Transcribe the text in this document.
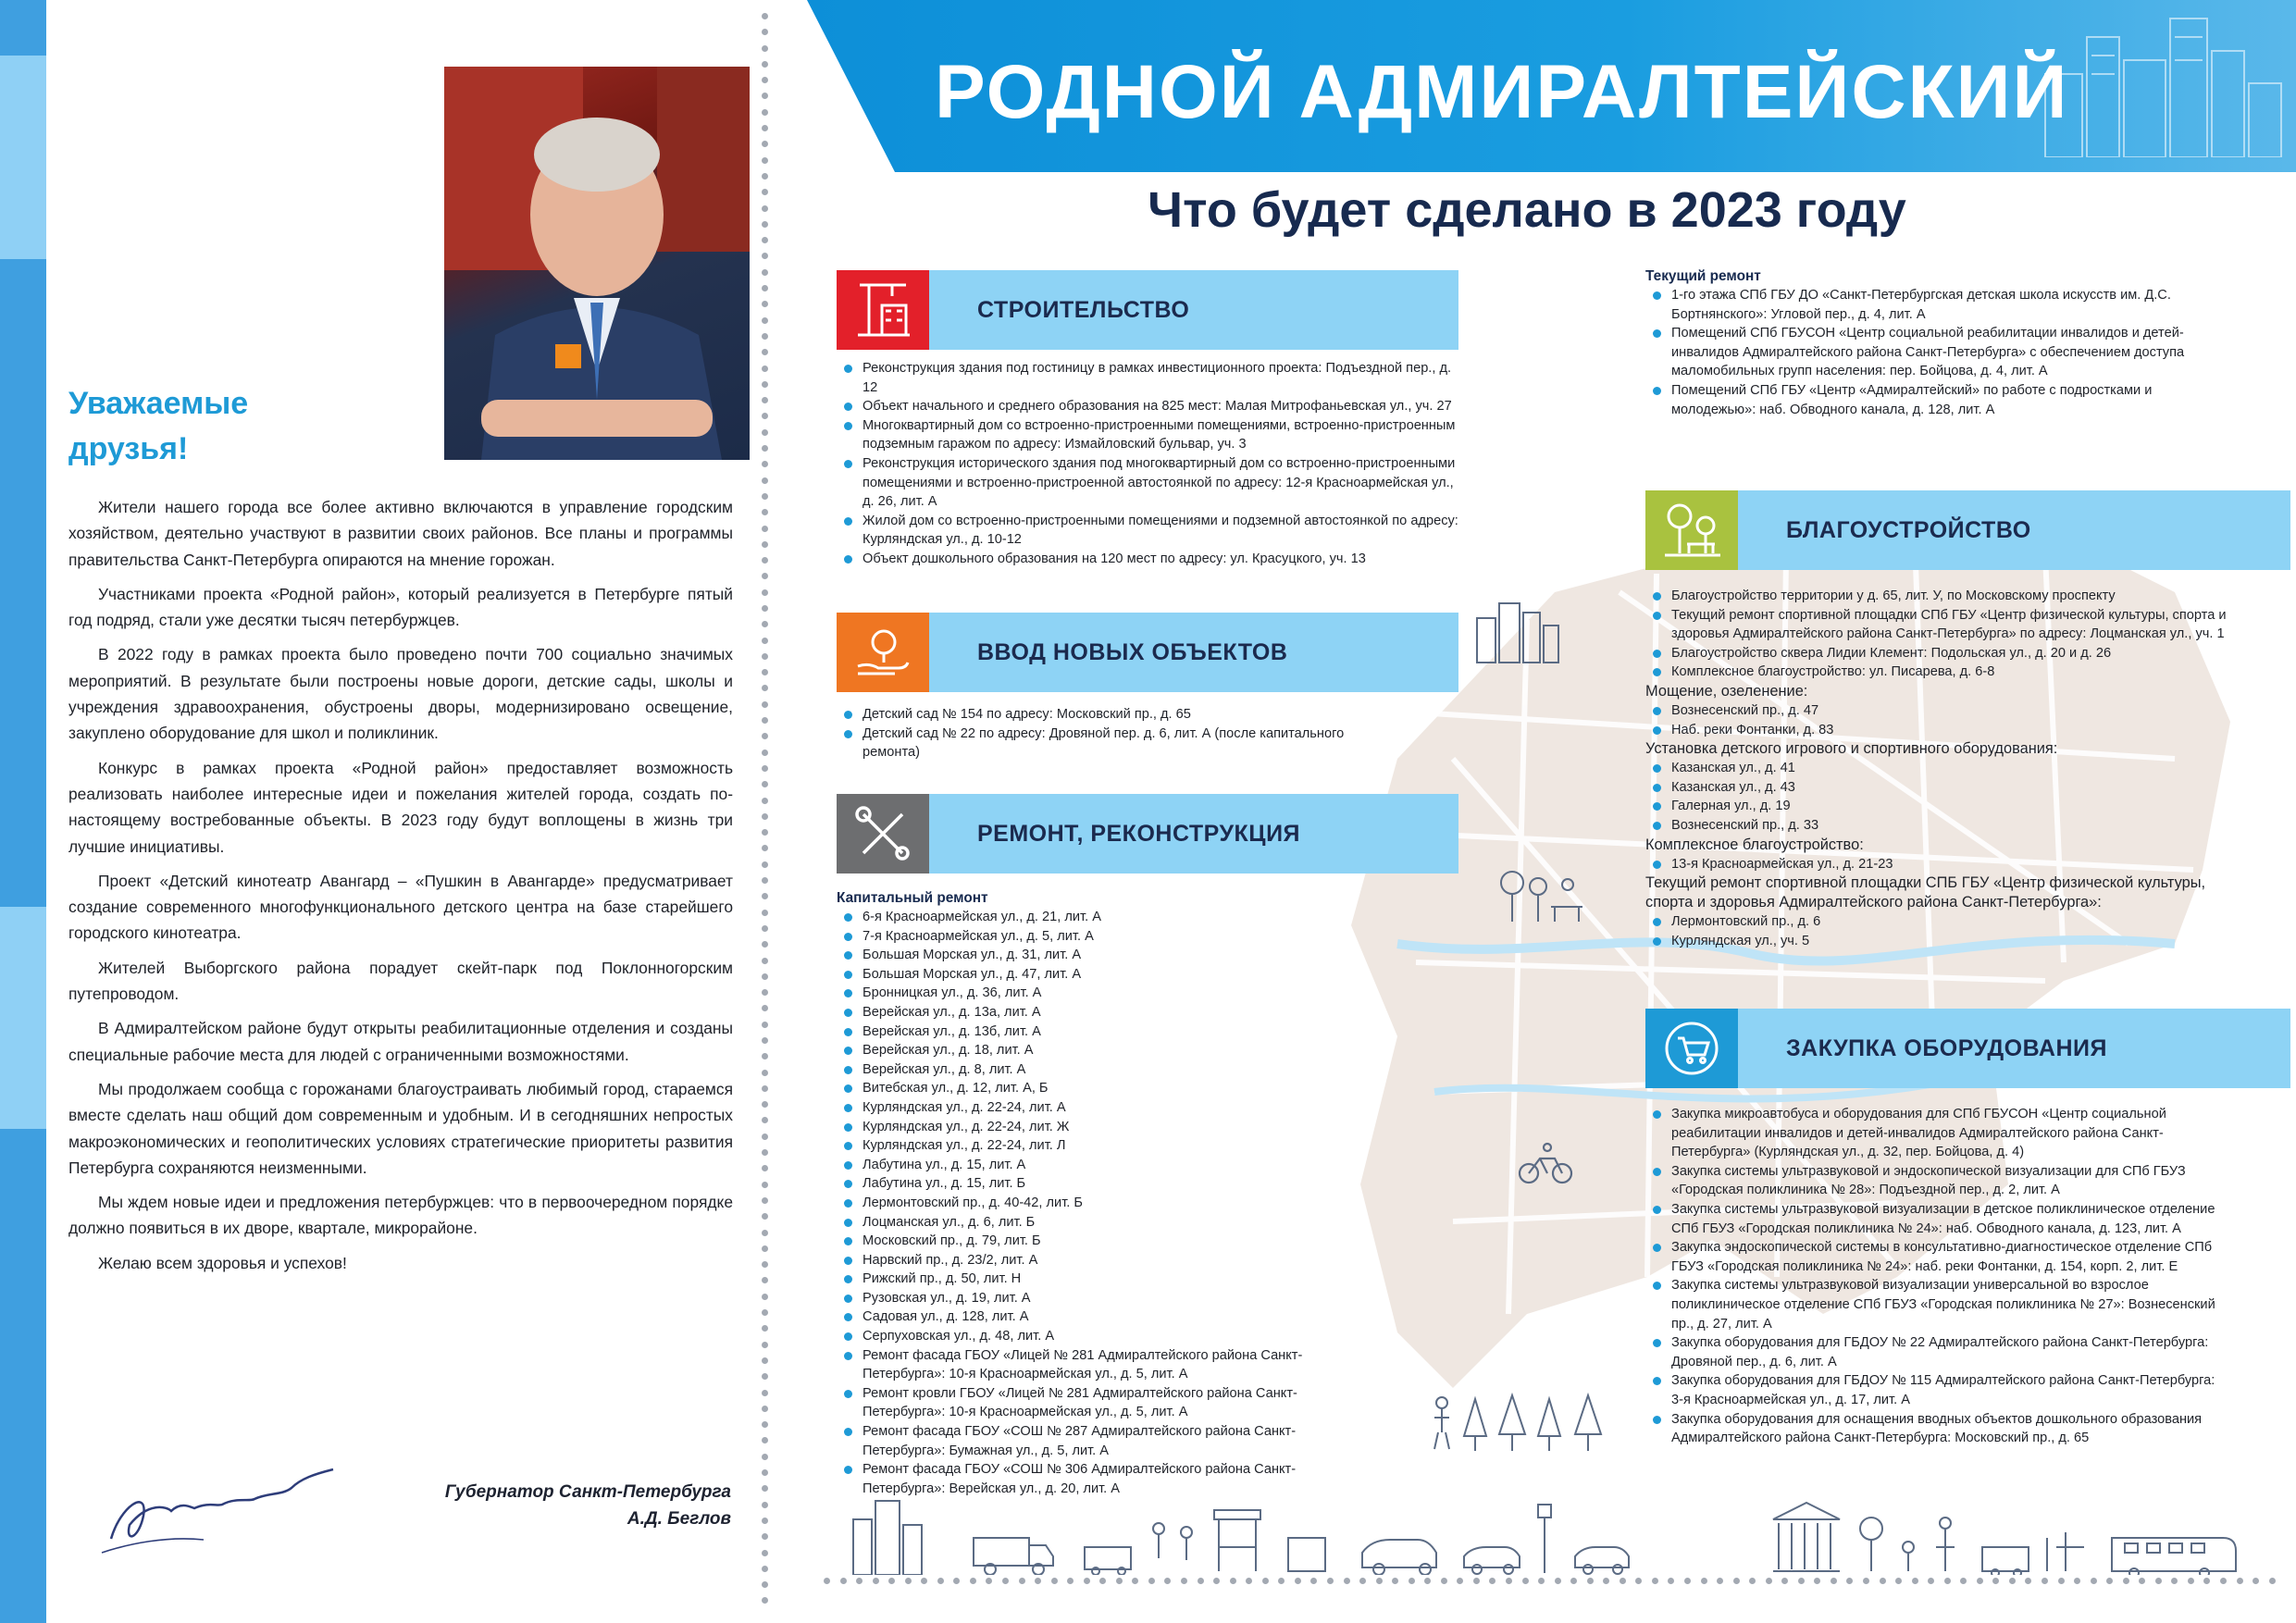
Уважаемые друзья!

Жители нашего города все более активно включаются в управление городским хозяйством, деятельно участвуют в развитии своих районов. Все планы и программы правительства Санкт-Петербурга опираются на мнение горожан.

Участниками проекта «Родной район», который реализуется в Петербурге пятый год подряд, стали уже десятки тысяч петербуржцев.

В 2022 году в рамках проекта было проведено почти 700 социально значимых мероприятий. В результате были построены новые дороги, детские сады, школы и учреждения здравоохранения, обустроены дворы, модернизировано освещение, закуплено оборудование для школ и поликлиник.

Конкурс в рамках проекта «Родной район» предоставляет возможность реализовать наиболее интересные идеи и пожелания жителей города, создать по-настоящему востребованные объекты. В 2023 году будут воплощены в жизнь три лучшие инициативы.

Проект «Детский кинотеатр Авангард – «Пушкин в Авангарде» предусматривает создание современного многофункционального детского центра на базе старейшего городского кинотеатра.

Жителей Выборгского района порадует скейт-парк под Поклонногорским путепроводом.

В Адмиралтейском районе будут открыты реабилитационные отделения и созданы специальные рабочие места для людей с ограниченными возможностями.

Мы продолжаем сообща с горожанами благоустраивать любимый город, стараемся вместе сделать наш общий дом современным и удобным. И в сегодняшних непростых макроэкономических и геополитических условиях стратегические приоритеты развития Петербурга сохраняются неизменными.

Мы ждем новые идеи и предложения петербуржцев: что в первоочередном порядке должно появиться в их дворе, квартале, микрорайоне.

Желаю всем здоровья и успехов!

Губернатор Санкт-Петербурга
А.Д. Беглов
РОДНОЙ АДМИРАЛТЕЙСКИЙ
Что будет сделано в 2023 году
СТРОИТЕЛЬСТВО
Реконструкция здания под гостиницу в рамках инвестиционного проекта: Подъездной пер., д. 12
Объект начального и среднего образования на 825 мест: Малая Митрофаньевская ул., уч. 27
Многоквартирный дом со встроенно-пристроенными помещениями, встроенно-пристроенным подземным гаражом по адресу: Измайловский бульвар, уч. 3
Реконструкция исторического здания под многоквартирный дом со встроенно-пристроенными помещениями и встроенно-пристроенной автостоянкой по адресу: 12-я Красноармейская ул., д. 26, лит. А
Жилой дом со встроенно-пристроенными помещениями и подземной автостоянкой по адресу: Курляндская ул., д. 10-12
Объект дошкольного образования на 120 мест по адресу: ул. Красуцкого, уч. 13
ВВОД НОВЫХ ОБЪЕКТОВ
Детский сад № 154 по адресу: Московский пр., д. 65
Детский сад № 22 по адресу: Дровяной пер. д. 6, лит. А (после капитального ремонта)
РЕМОНТ, РЕКОНСТРУКЦИЯ
Капитальный ремонт
6-я Красноармейская ул., д. 21, лит. А
7-я Красноармейская ул., д. 5, лит. А
Большая Морская ул., д. 31, лит. А
Большая Морская ул., д. 47, лит. А
Бронницкая ул., д. 36, лит. А
Верейская ул., д. 13а, лит. А
Верейская ул., д. 13б, лит. А
Верейская ул., д. 18, лит. А
Верейская ул., д. 8, лит. А
Витебская ул., д. 12, лит. А, Б
Курляндская ул., д. 22-24, лит. А
Курляндская ул., д. 22-24, лит. Ж
Курляндская ул., д. 22-24, лит. Л
Лабутина ул., д. 15, лит. А
Лабутина ул., д. 15, лит. Б
Лермонтовский пр., д. 40-42, лит. Б
Лоцманская ул., д. 6, лит. Б
Московский пр., д. 79, лит. Б
Нарвский пр., д. 23/2, лит. А
Рижский пр., д. 50, лит. Н
Рузовская ул., д. 19, лит. А
Садовая ул., д. 128, лит. А
Серпуховская ул., д. 48, лит. А
Ремонт фасада ГБОУ «Лицей № 281 Адмиралтейского района Санкт-Петербурга»: 10-я Красноармейская ул., д. 5, лит. А
Ремонт кровли ГБОУ «Лицей № 281 Адмиралтейского района Санкт-Петербурга»: 10-я Красноармейская ул., д. 5, лит. А
Ремонт фасада ГБОУ «СОШ № 287 Адмиралтейского района Санкт-Петербурга»: Бумажная ул., д. 5, лит. А
Ремонт фасада ГБОУ «СОШ № 306 Адмиралтейского района Санкт-Петербурга»: Верейская ул., д. 20, лит. А
Текущий ремонт
1-го этажа СПб ГБУ ДО «Санкт-Петербургская детская школа искусств им. Д.С. Бортнянского»: Угловой пер., д. 4, лит. А
Помещений СПб ГБУСОН «Центр социальной реабилитации инвалидов и детей-инвалидов Адмиралтейского района Санкт-Петербурга» с обеспечением доступа маломобильных групп населения: пер. Бойцова, д. 4, лит. А
Помещений СПб ГБУ «Центр «Адмиралтейский» по работе с подростками и молодежью»: наб. Обводного канала, д. 128, лит. А
БЛАГОУСТРОЙСТВО
Благоустройство территории у д. 65, лит. У, по Московскому проспекту
Текущий ремонт спортивной площадки СПб ГБУ «Центр физической культуры, спорта и здоровья Адмиралтейского района Санкт-Петербурга» по адресу: Лоцманская ул., уч. 1
Благоустройство сквера Лидии Клемент: Подольская ул., д. 20 и д. 26
Комплексное благоустройство: ул. Писарева, д. 6-8
Мощение, озеленение:
Вознесенский пр., д. 47
Наб. реки Фонтанки, д. 83
Установка детского игрового и спортивного оборудования:
Казанская ул., д. 41
Казанская ул., д. 43
Галерная ул., д. 19
Вознесенский пр., д. 33
Комплексное благоустройство:
13-я Красноармейская ул., д. 21-23
Текущий ремонт спортивной площадки СПБ ГБУ «Центр физической культуры, спорта и здоровья Адмиралтейского района Санкт-Петербурга»:
Лермонтовский пр., д. 6
Курляндская ул., уч. 5
ЗАКУПКА ОБОРУДОВАНИЯ
Закупка микроавтобуса и оборудования для СПб ГБУСОН «Центр социальной реабилитации инвалидов и детей-инвалидов Адмиралтейского района Санкт-Петербурга» (Курляндская ул., д. 32, пер. Бойцова, д. 4)
Закупка системы ультразвуковой и эндоскопической визуализации для СПб ГБУЗ «Городская поликлиника № 28»: Подъездной пер., д. 2, лит. А
Закупка системы ультразвуковой визуализации в детское поликлиническое отделение СПб ГБУЗ «Городская поликлиника № 24»: наб. Обводного канала, д. 123, лит. А
Закупка эндоскопической системы в консультативно-диагностическое отделение СПб ГБУЗ «Городская поликлиника № 24»: наб. реки Фонтанки, д. 154, корп. 2, лит. Е
Закупка системы ультразвуковой визуализации универсальной во взрослое поликлиническое отделение СПб ГБУЗ «Городская поликлиника № 27»: Вознесенский пр., д. 27, лит. А
Закупка оборудования для ГБДОУ № 22 Адмиралтейского района Санкт-Петербурга: Дровяной пер., д. 6, лит. А
Закупка оборудования для ГБДОУ № 115 Адмиралтейского района Санкт-Петербурга: 3-я Красноармейская ул., д. 17, лит. А
Закупка оборудования для оснащения вводных объектов дошкольного образования Адмиралтейского района Санкт-Петербурга: Московский пр., д. 65
